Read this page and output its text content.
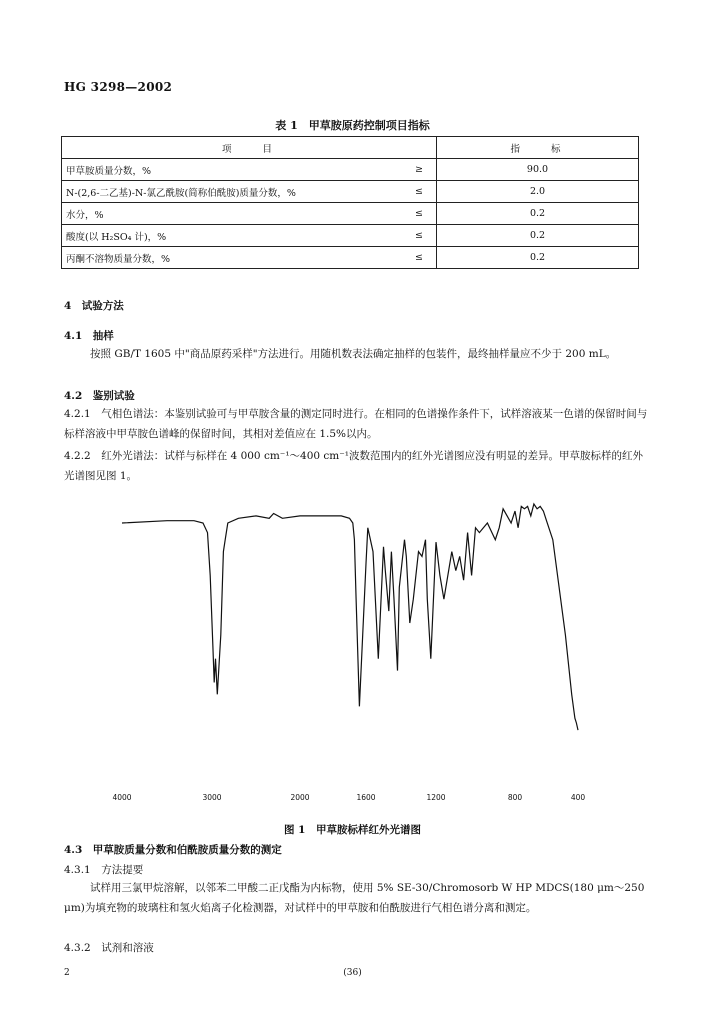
HG 3298—2002
表 1　甲草胺原药控制项目指标
项　　目		指　　标
甲草胺质量分数，%	≥	90.0
N-(2,6-二乙基)-N-氯乙酰胺(简称伯酰胺)质量分数，%	≤	2.0
水分，%	≤	0.2
酸度(以 H₂SO₄ 计)，%	≤	0.2
丙酮不溶物质量分数，%	≤	0.2
4　试验方法
4.1　抽样
按照 GB/T 1605 中"商品原药采样"方法进行。用随机数表法确定抽样的包装件，最终抽样量应不少于 200 mL。
4.2　鉴别试验
4.2.1　气相色谱法：本鉴别试验可与甲草胺含量的测定同时进行。在相同的色谱操作条件下，试样溶液某一色谱的保留时间与标样溶液中甲草胺色谱峰的保留时间，其相对差值应在 1.5%以内。
4.2.2　红外光谱法：试样与标样在 4 000 cm⁻¹～400 cm⁻¹波数范围内的红外光谱图应没有明显的差异。甲草胺标样的红外光谱图见图 1。
4000	3000	2000	1600	1200	800	400
图 1　甲草胺标样红外光谱图
4.3　甲草胺质量分数和伯酰胺质量分数的测定
4.3.1　方法提要
试样用三氯甲烷溶解，以邻苯二甲酸二正戊酯为内标物，使用 5% SE-30/Chromosorb W HP MDCS(180 μm～250 μm)为填充物的玻璃柱和氢火焰离子化检测器，对试样中的甲草胺和伯酰胺进行气相色谱分离和测定。
4.3.2　试剂和溶液
2	(36)
